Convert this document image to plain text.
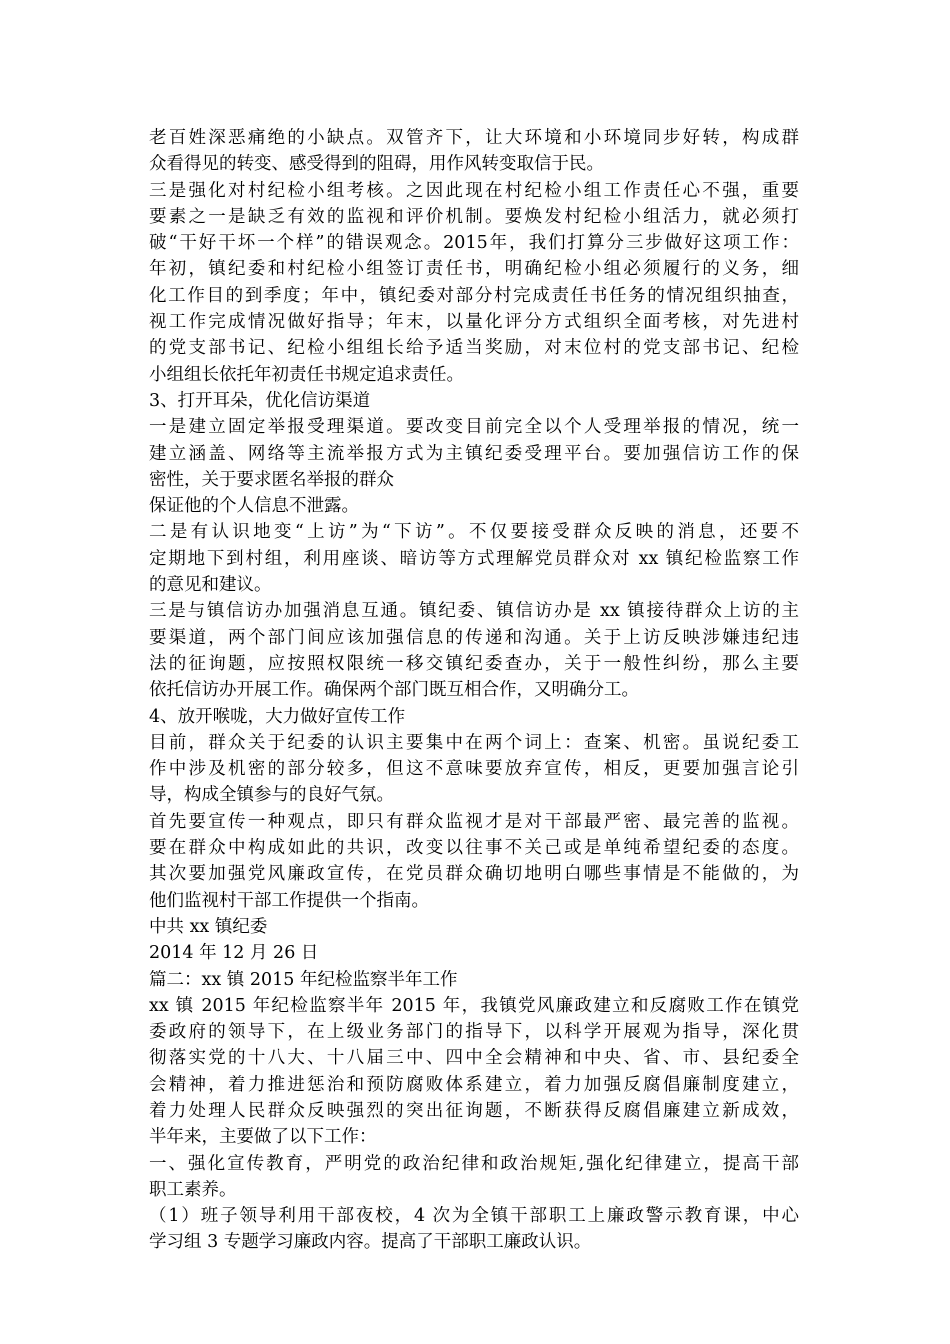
老百姓深恶痛绝的小缺点。双管齐下，让大环境和小环境同步好转，构成群
众看得见的转变、感受得到的阻碍，用作风转变取信于民。
三是强化对村纪检小组考核。之因此现在村纪检小组工作责任心不强，重要
要素之一是缺乏有效的监视和评价机制。要焕发村纪检小组活力，就必须打
破“干好干坏一个样”的错误观念。2015年，我们打算分三步做好这项工作：
年初，镇纪委和村纪检小组签订责任书，明确纪检小组必须履行的义务，细
化工作目的到季度；年中，镇纪委对部分村完成责任书任务的情况组织抽查，
视工作完成情况做好指导；年末，以量化评分方式组织全面考核，对先进村
的党支部书记、纪检小组组长给予适当奖励，对末位村的党支部书记、纪检
小组组长依托年初责任书规定追求责任。
3、打开耳朵，优化信访渠道
一是建立固定举报受理渠道。要改变目前完全以个人受理举报的情况，统一
建立涵盖、网络等主流举报方式为主镇纪委受理平台。要加强信访工作的保
密性，关于要求匿名举报的群众
保证他的个人信息不泄露。
二是有认识地变“上访”为“下访”。不仅要接受群众反映的消息，还要不
定期地下到村组，利用座谈、暗访等方式理解党员群众对 xx 镇纪检监察工作
的意见和建议。
三是与镇信访办加强消息互通。镇纪委、镇信访办是 xx 镇接待群众上访的主
要渠道，两个部门间应该加强信息的传递和沟通。关于上访反映涉嫌违纪违
法的征询题，应按照权限统一移交镇纪委查办，关于一般性纠纷，那么主要
依托信访办开展工作。确保两个部门既互相合作，又明确分工。
4、放开喉咙，大力做好宣传工作
目前，群众关于纪委的认识主要集中在两个词上：查案、机密。虽说纪委工
作中涉及机密的部分较多，但这不意味要放弃宣传，相反，更要加强言论引
导，构成全镇参与的良好气氛。
首先要宣传一种观点，即只有群众监视才是对干部最严密、最完善的监视。
要在群众中构成如此的共识，改变以往事不关己或是单纯希望纪委的态度。
其次要加强党风廉政宣传，在党员群众确切地明白哪些事情是不能做的，为
他们监视村干部工作提供一个指南。
中共 xx 镇纪委
2014 年 12 月 26 日
篇二：xx 镇 2015 年纪检监察半年工作
xx 镇 2015 年纪检监察半年 2015 年，我镇党风廉政建立和反腐败工作在镇党
委政府的领导下，在上级业务部门的指导下，以科学开展观为指导，深化贯
彻落实党的十八大、十八届三中、四中全会精神和中央、省、市、县纪委全
会精神，着力推进惩治和预防腐败体系建立，着力加强反腐倡廉制度建立，
着力处理人民群众反映强烈的突出征询题，不断获得反腐倡廉建立新成效，
半年来，主要做了以下工作：
一、强化宣传教育，严明党的政治纪律和政治规矩,强化纪律建立，提高干部
职工素养。
（1）班子领导利用干部夜校，4 次为全镇干部职工上廉政警示教育课，中心
学习组 3 专题学习廉政内容。提高了干部职工廉政认识。
